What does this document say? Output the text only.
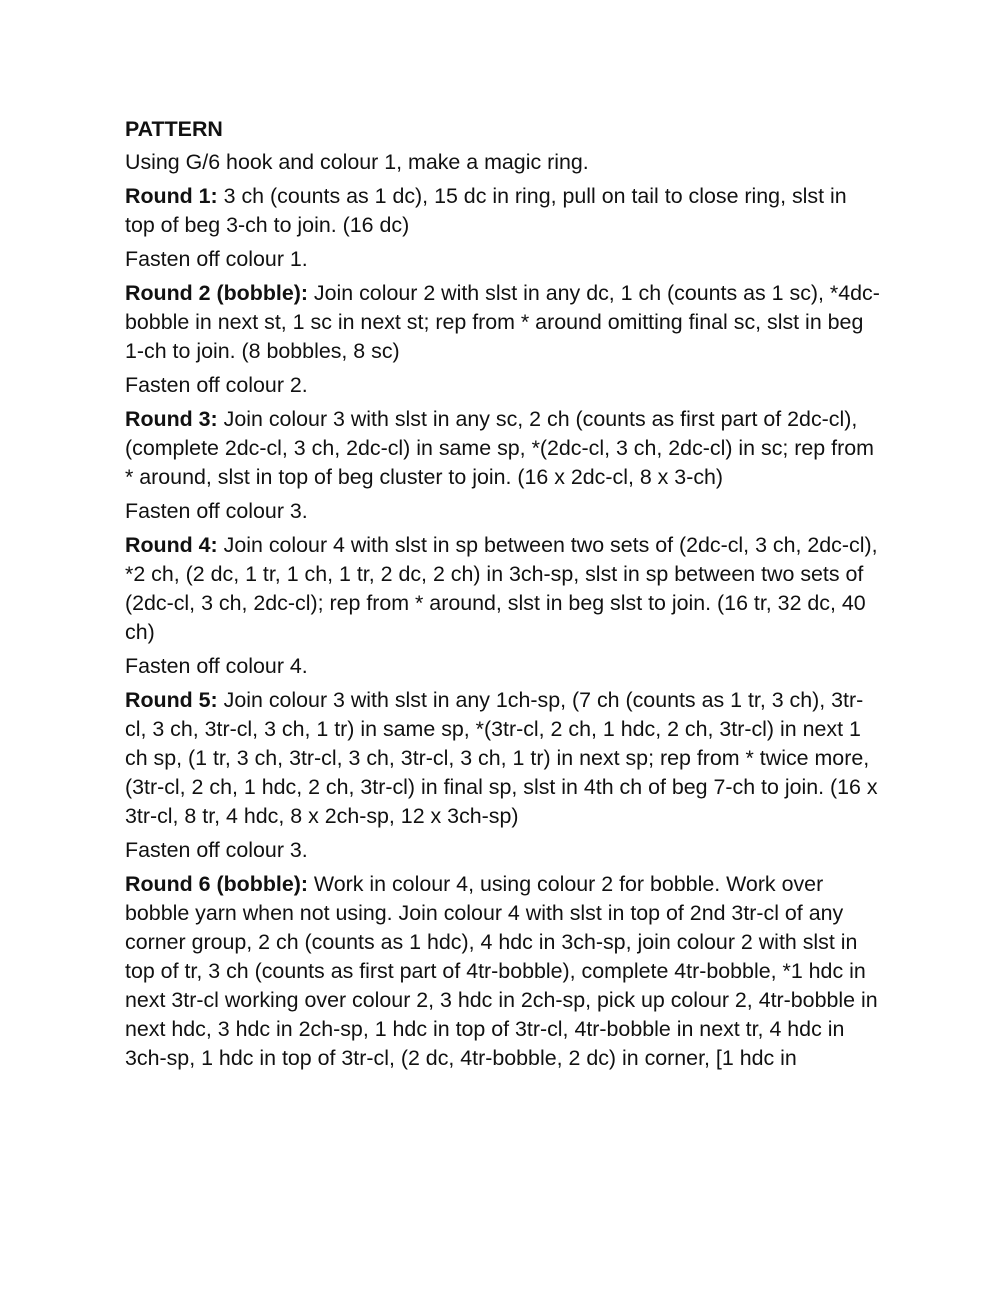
PATTERN
Using G/6 hook and colour 1, make a magic ring.
Round 1: 3 ch (counts as 1 dc), 15 dc in ring, pull on tail to close ring, slst in top of beg 3-ch to join. (16 dc)
Fasten off colour 1.
Round 2 (bobble): Join colour 2 with slst in any dc, 1 ch (counts as 1 sc), *4dc-bobble in next st, 1 sc in next st; rep from * around omitting final sc, slst in beg 1-ch to join. (8 bobbles, 8 sc)
Fasten off colour 2.
Round 3: Join colour 3 with slst in any sc, 2 ch (counts as first part of 2dc-cl), (complete 2dc-cl, 3 ch, 2dc-cl) in same sp, *(2dc-cl, 3 ch, 2dc-cl) in sc; rep from * around, slst in top of beg cluster to join. (16 x 2dc-cl, 8 x 3-ch)
Fasten off colour 3.
Round 4: Join colour 4 with slst in sp between two sets of (2dc-cl, 3 ch, 2dc-cl), *2 ch, (2 dc, 1 tr, 1 ch, 1 tr, 2 dc, 2 ch) in 3ch-sp, slst in sp between two sets of (2dc-cl, 3 ch, 2dc-cl); rep from * around, slst in beg slst to join. (16 tr, 32 dc, 40 ch)
Fasten off colour 4.
Round 5: Join colour 3 with slst in any 1ch-sp, (7 ch (counts as 1 tr, 3 ch), 3tr-cl, 3 ch, 3tr-cl, 3 ch, 1 tr) in same sp, *(3tr-cl, 2 ch, 1 hdc, 2 ch, 3tr-cl) in next 1 ch sp, (1 tr, 3 ch, 3tr-cl, 3 ch, 3tr-cl, 3 ch, 1 tr) in next sp; rep from * twice more, (3tr-cl, 2 ch, 1 hdc, 2 ch, 3tr-cl) in final sp, slst in 4th ch of beg 7-ch to join. (16 x 3tr-cl, 8 tr, 4 hdc, 8 x 2ch-sp, 12 x 3ch-sp)
Fasten off colour 3.
Round 6 (bobble): Work in colour 4, using colour 2 for bobble. Work over bobble yarn when not using. Join colour 4 with slst in top of 2nd 3tr-cl of any corner group, 2 ch (counts as 1 hdc), 4 hdc in 3ch-sp, join colour 2 with slst in top of tr, 3 ch (counts as first part of 4tr-bobble), complete 4tr-bobble, *1 hdc in next 3tr-cl working over colour 2, 3 hdc in 2ch-sp, pick up colour 2, 4tr-bobble in next hdc, 3 hdc in 2ch-sp, 1 hdc in top of 3tr-cl, 4tr-bobble in next tr, 4 hdc in 3ch-sp, 1 hdc in top of 3tr-cl, (2 dc, 4tr-bobble, 2 dc) in corner, [1 hdc in
